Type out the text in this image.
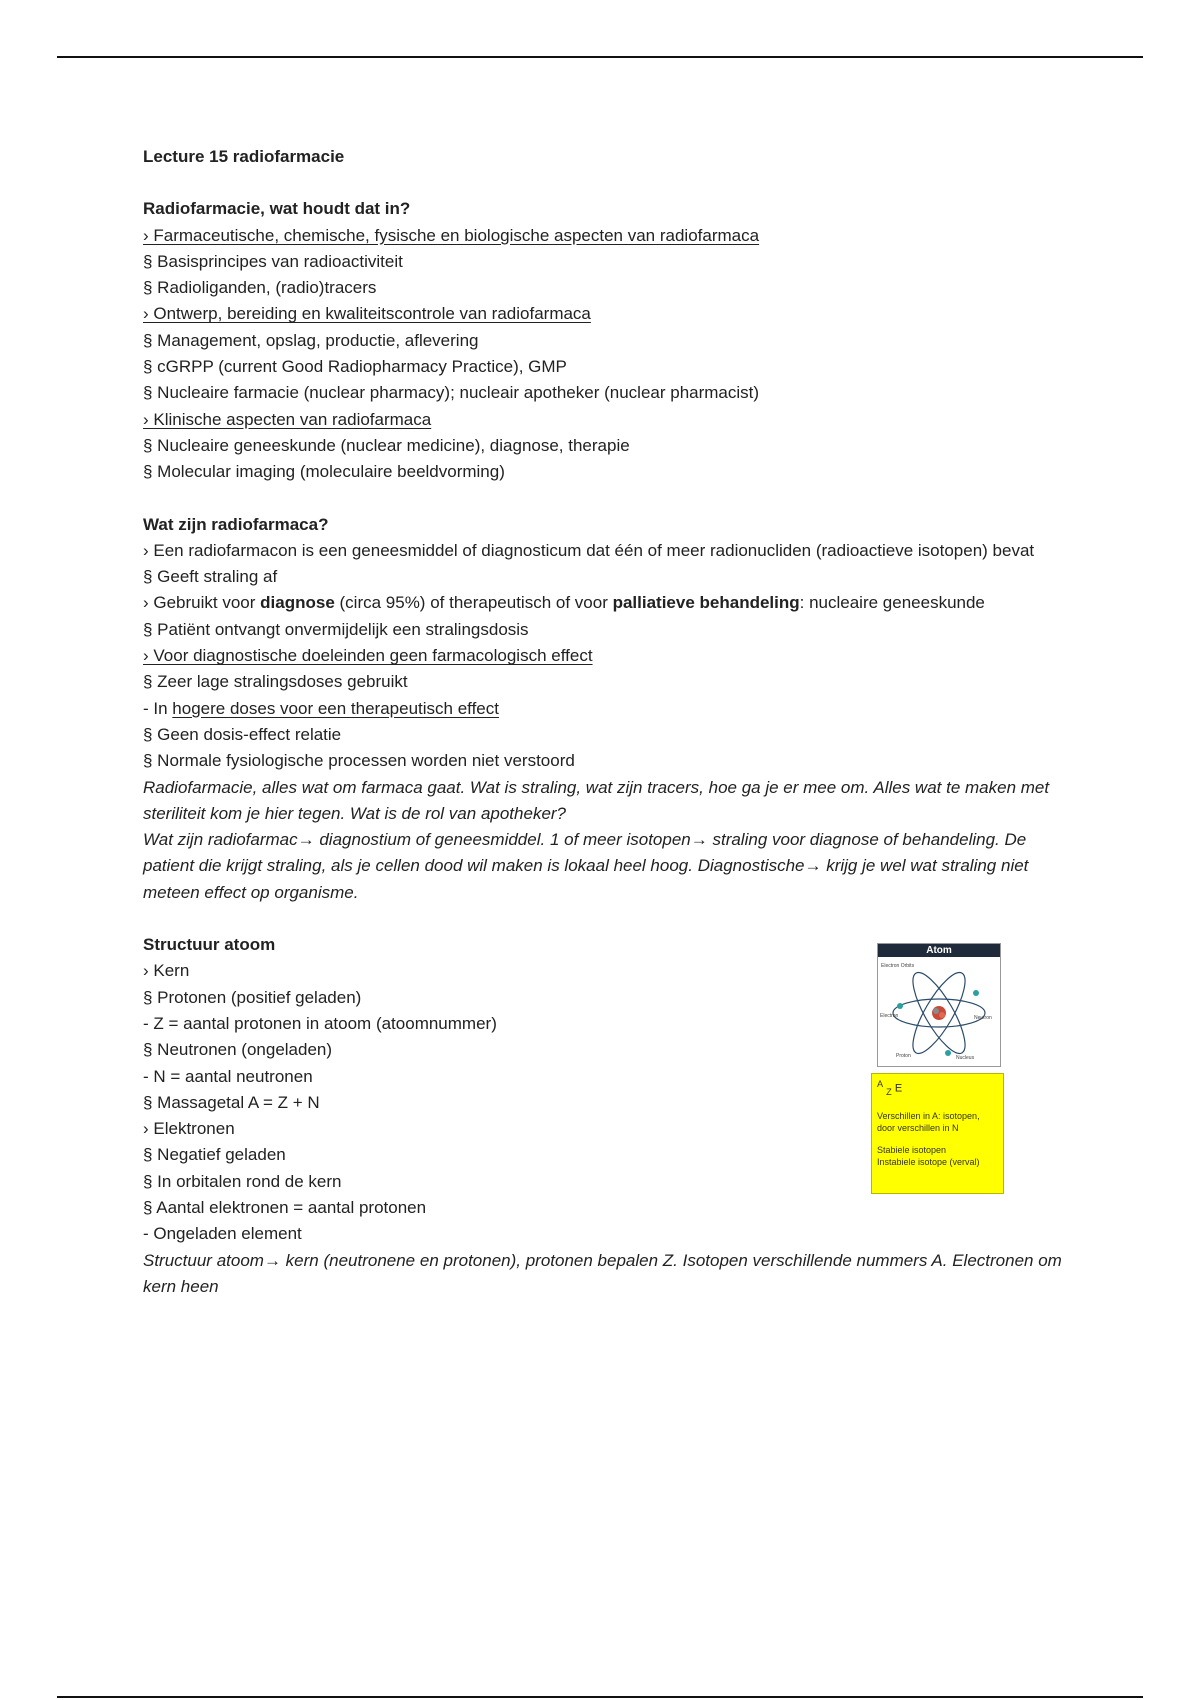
Lecture 15 radiofarmacie
Radiofarmacie, wat houdt dat in?
› Farmaceutische, chemische, fysische en biologische aspecten van radiofarmaca
§ Basisprincipes van radioactiviteit
§ Radioliganden, (radio)tracers
› Ontwerp, bereiding en kwaliteitscontrole van radiofarmaca
§ Management, opslag, productie, aflevering
§ cGRPP (current Good Radiopharmacy Practice), GMP
§ Nucleaire farmacie (nuclear pharmacy); nucleair apotheker (nuclear pharmacist)
› Klinische aspecten van radiofarmaca
§ Nucleaire geneeskunde (nuclear medicine), diagnose, therapie
§ Molecular imaging (moleculaire beeldvorming)
Wat zijn radiofarmaca?
› Een radiofarmacon is een geneesmiddel of diagnosticum dat één of meer radionucliden (radioactieve isotopen) bevat
§ Geeft straling af
› Gebruikt voor diagnose (circa 95%) of therapeutisch of voor palliatieve behandeling: nucleaire geneeskunde
§ Patiënt ontvangt onvermijdelijk een stralingsdosis
› Voor diagnostische doeleinden geen farmacologisch effect
§ Zeer lage stralingsdoses gebruikt
- In hogere doses voor een therapeutisch effect
§ Geen dosis-effect relatie
§ Normale fysiologische processen worden niet verstoord
Radiofarmacie, alles wat om farmaca gaat. Wat is straling, wat zijn tracers, hoe ga je er mee om. Alles wat te maken met steriliteit kom je hier tegen. Wat is de rol van apotheker?
Wat zijn radiofarmac→ diagnostium of geneesmiddel. 1 of meer isotopen→ straling voor diagnose of behandeling. De patient die krijgt straling, als je cellen dood wil maken is lokaal heel hoog. Diagnostische→ krijg je wel wat straling niet meteen effect op organisme.
Structuur atoom
› Kern
§ Protonen (positief geladen)
- Z = aantal protonen in atoom (atoomnummer)
§ Neutronen (ongeladen)
- N = aantal neutronen
§ Massagetal A = Z + N
› Elektronen
§ Negatief geladen
§ In orbitalen rond de kern
§ Aantal elektronen = aantal protonen
- Ongeladen element
Structuur atoom→ kern (neutronene en protonen), protonen bepalen Z. Isotopen verschillende nummers A. Electronen om kern heen
Atom
Electron Orbits
Electron	Neutron
Proton	Nucleus
$^A$ $_Z$ E

Verschillen in A: isotopen, door verschillen in N

Stabiele isotopen
Instabiele isotope (verval)
